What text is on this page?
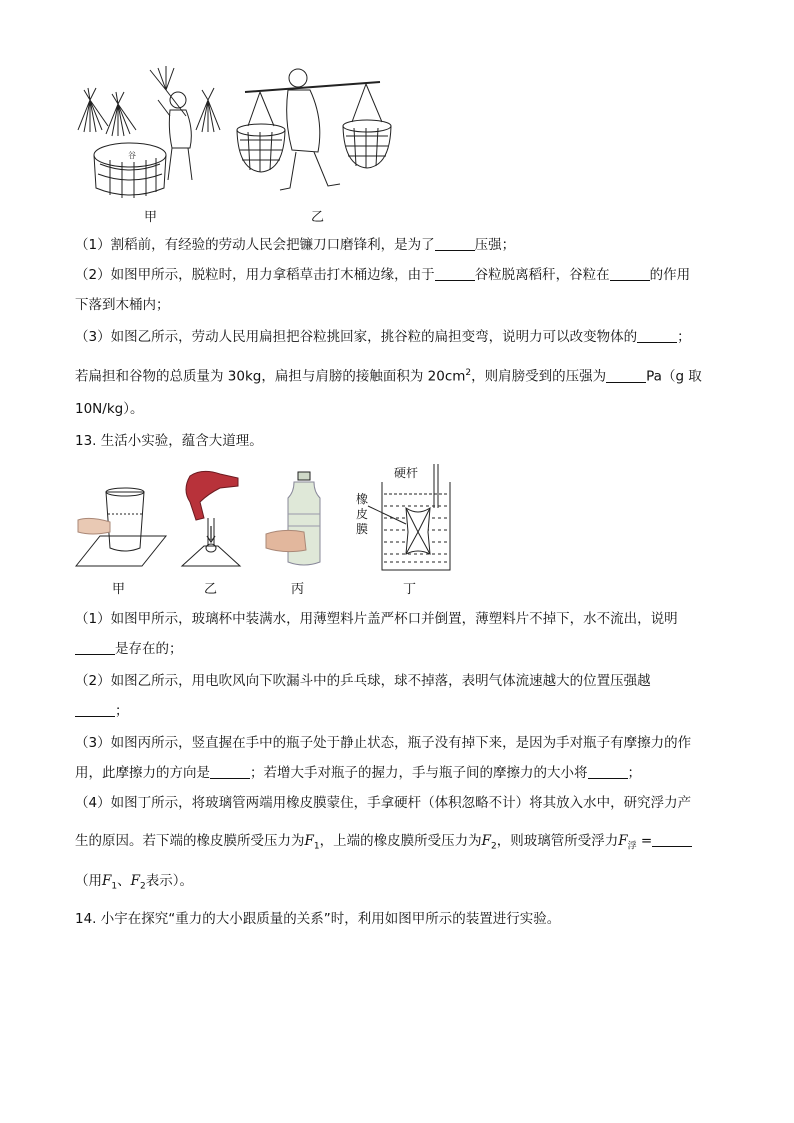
谷
甲	乙
（1）割稻前，有经验的劳动人民会把镰刀口磨锋利，是为了	压强；
（2）如图甲所示，脱粒时，用力拿稻草击打木桶边缘，由于	谷粒脱离稻秆，谷粒在	的作用
下落到木桶内；
（3）如图乙所示，劳动人民用扁担把谷粒挑回家，挑谷粒的扁担变弯，说明力可以改变物体的	；
若扁担和谷物的总质量为 30kg，扁担与肩膀的接触面积为 $20cm^2$，则肩膀受到的压强为	Pa（g 取
10N/kg）。
13. 生活小实验，蕴含大道理。
硬杆
橡
皮
膜
甲	乙	丙	丁
（1）如图甲所示，玻璃杯中装满水，用薄塑料片盖严杯口并倒置，薄塑料片不掉下，水不流出，说明
是存在的；
（2）如图乙所示，用电吹风向下吹漏斗中的乒乓球，球不掉落，表明气体流速越大的位置压强越
；
（3）如图丙所示，竖直握在手中的瓶子处于静止状态，瓶子没有掉下来，是因为手对瓶子有摩擦力的作
用，此摩擦力的方向是	；若增大手对瓶子的握力，手与瓶子间的摩擦力的大小将	；
（4）如图丁所示，将玻璃管两端用橡皮膜蒙住，手拿硬杆（体积忽略不计）将其放入水中，研究浮力产
生的原因。若下端的橡皮膜所受压力为$F_1$，上端的橡皮膜所受压力为$F_2$，则玻璃管所受浮力$F_浮$ =
（用$F_1$、$F_2$表示）。
14. 小宇在探究“重力的大小跟质量的关系”时，利用如图甲所示的装置进行实验。
